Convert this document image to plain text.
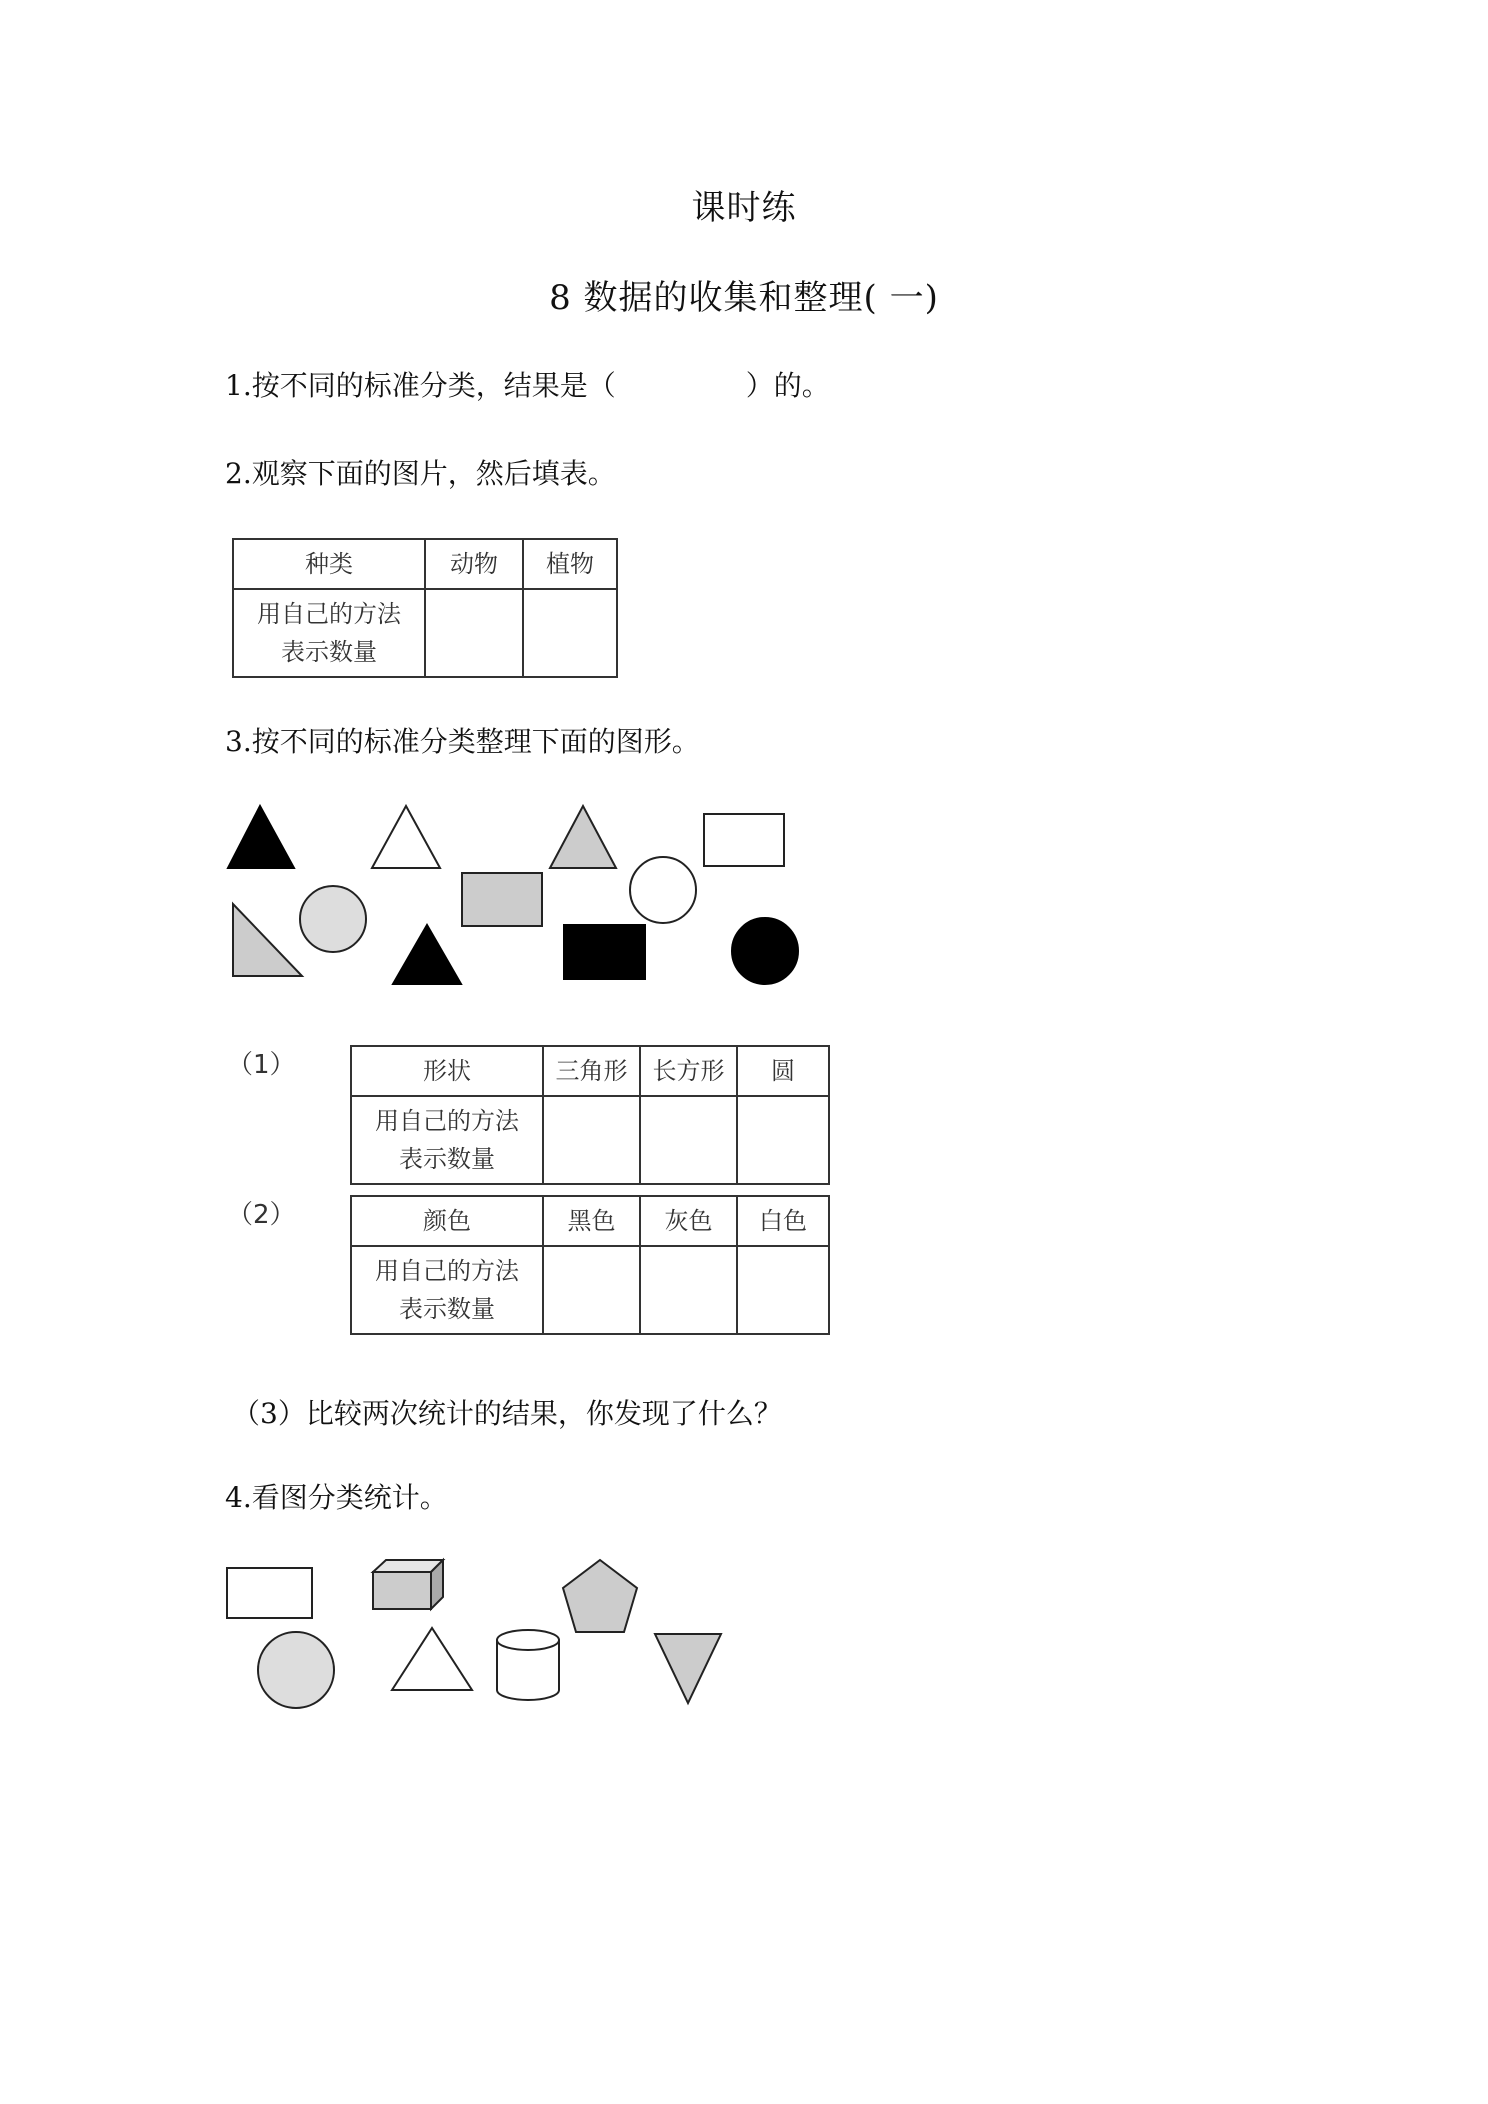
课时练
8 数据的收集和整理( 一)
1.按不同的标准分类，结果是（	）的。
2.观察下面的图片，然后填表。
种类	动物	植物

用自己的方法
表示数量		

3.按不同的标准分类整理下面的图形。
（1）	形状	三角形	长方形	圆

用自己的方法
表示数量			

（2）	颜色	黑色	灰色	白色

用自己的方法
表示数量			

（3）比较两次统计的结果，你发现了什么？
4.看图分类统计。
